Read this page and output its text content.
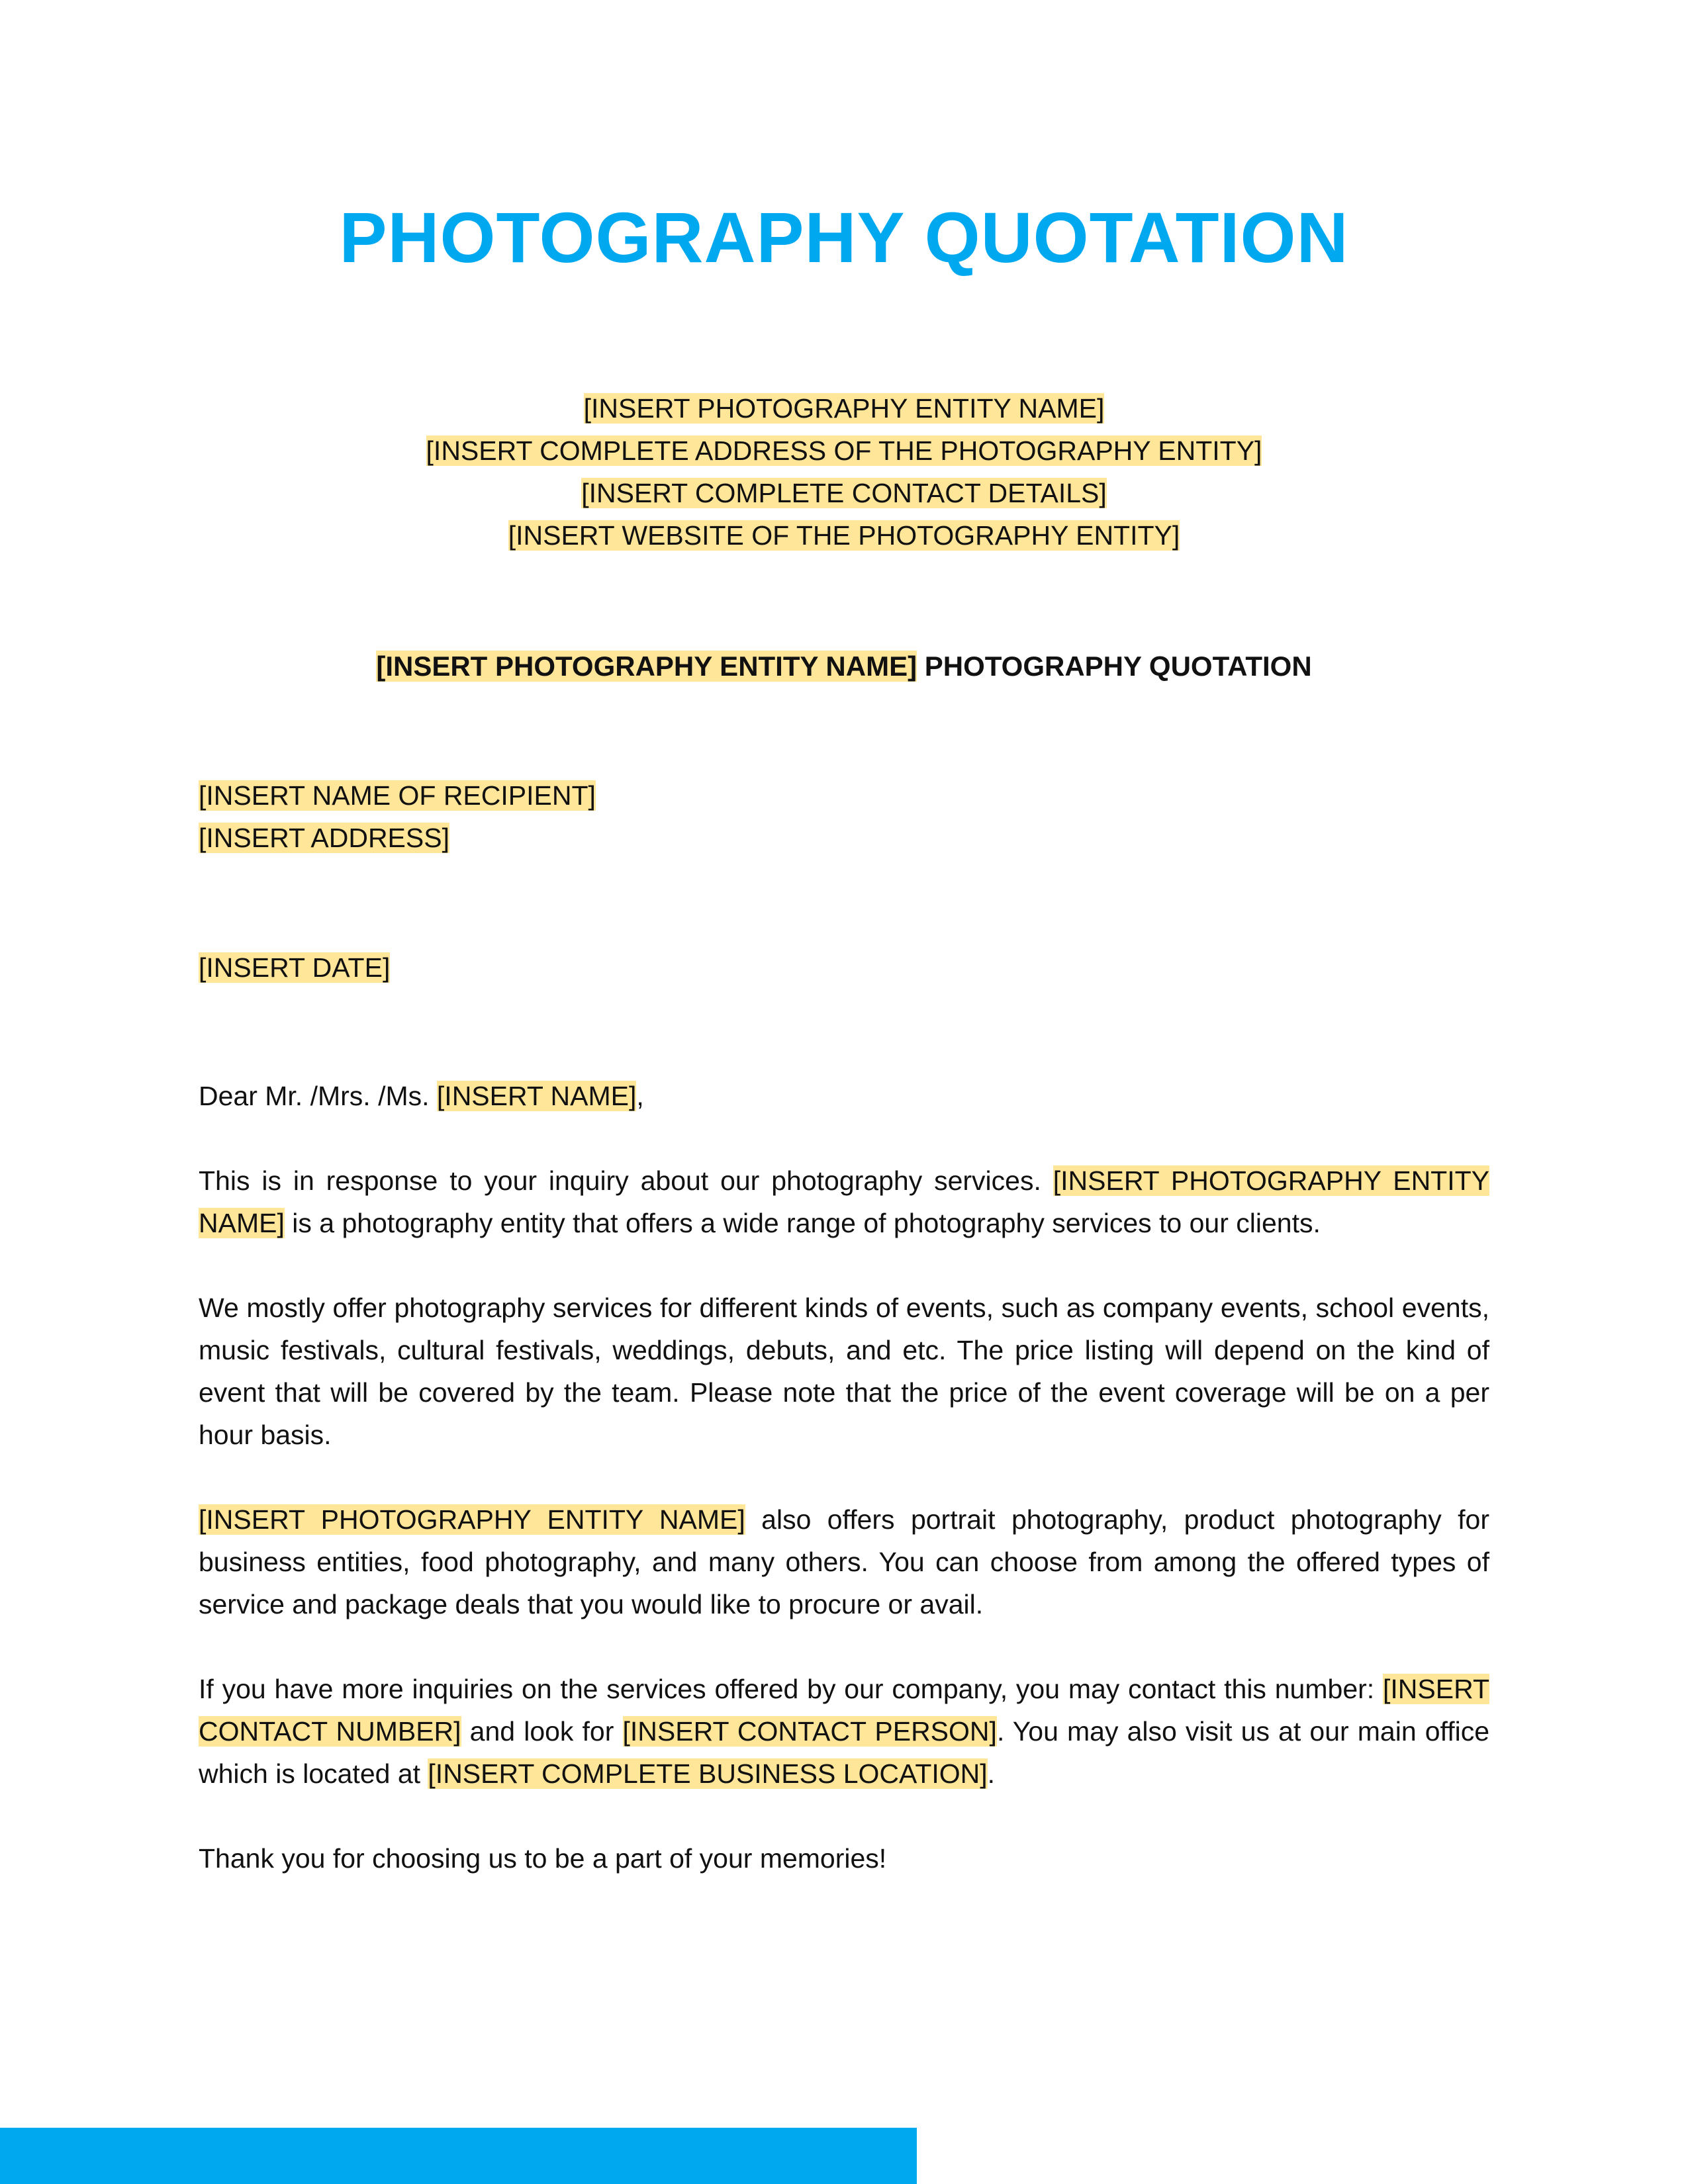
PHOTOGRAPHY QUOTATION
[INSERT PHOTOGRAPHY ENTITY NAME]
[INSERT COMPLETE ADDRESS OF THE PHOTOGRAPHY ENTITY]
[INSERT COMPLETE CONTACT DETAILS]
[INSERT WEBSITE OF THE PHOTOGRAPHY ENTITY]
[INSERT PHOTOGRAPHY ENTITY NAME] PHOTOGRAPHY QUOTATION
[INSERT NAME OF RECIPIENT]
[INSERT ADDRESS]
[INSERT DATE]
Dear Mr. /Mrs. /Ms. [INSERT NAME],

This is in response to your inquiry about our photography services. [INSERT PHOTOGRAPHY ENTITY NAME] is a photography entity that offers a wide range of photography services to our clients.

We mostly offer photography services for different kinds of events, such as company events, school events, music festivals, cultural festivals, weddings, debuts, and etc. The price listing will depend on the kind of event that will be covered by the team. Please note that the price of the event coverage will be on a per hour basis.

[INSERT PHOTOGRAPHY ENTITY NAME] also offers portrait photography, product photography for business entities, food photography, and many others. You can choose from among the offered types of service and package deals that you would like to procure or avail.

If you have more inquiries on the services offered by our company, you may contact this number: [INSERT CONTACT NUMBER] and look for [INSERT CONTACT PERSON]. You may also visit us at our main office which is located at [INSERT COMPLETE BUSINESS LOCATION].

Thank you for choosing us to be a part of your memories!
